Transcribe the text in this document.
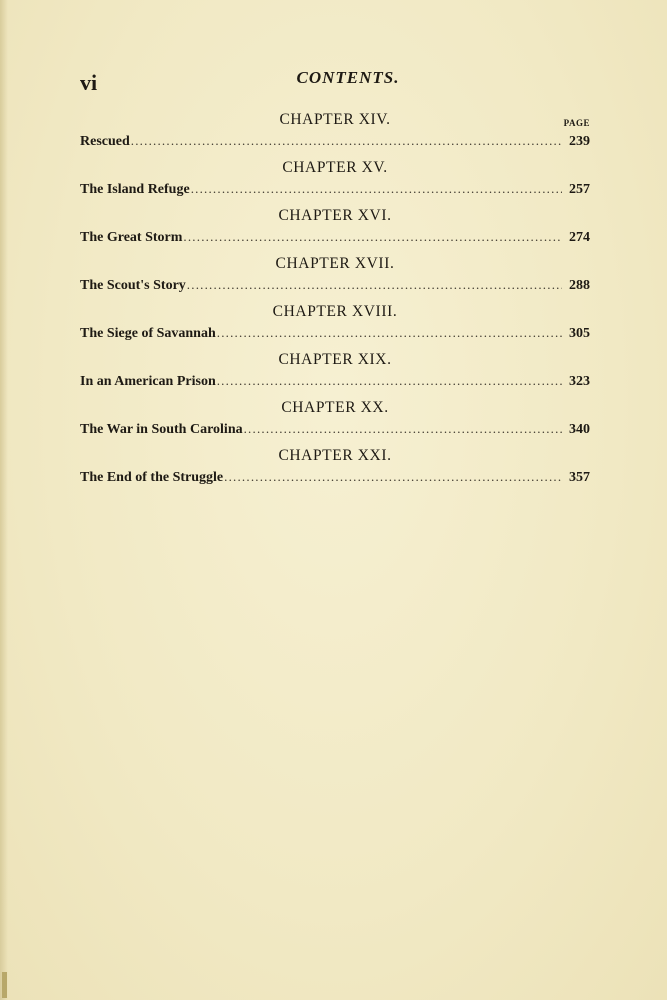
vi	CONTENTS.
PAGE
CHAPTER XIV.
Rescued .....	239
CHAPTER XV.
The Island Refuge .....	257
CHAPTER XVI.
The Great Storm .....	274
CHAPTER XVII.
The Scout's Story .....	288
CHAPTER XVIII.
The Siege of Savannah .....	305
CHAPTER XIX.
In an American Prison .....	323
CHAPTER XX.
The War in South Carolina .....	340
CHAPTER XXI.
The End of the Struggle .....	357
